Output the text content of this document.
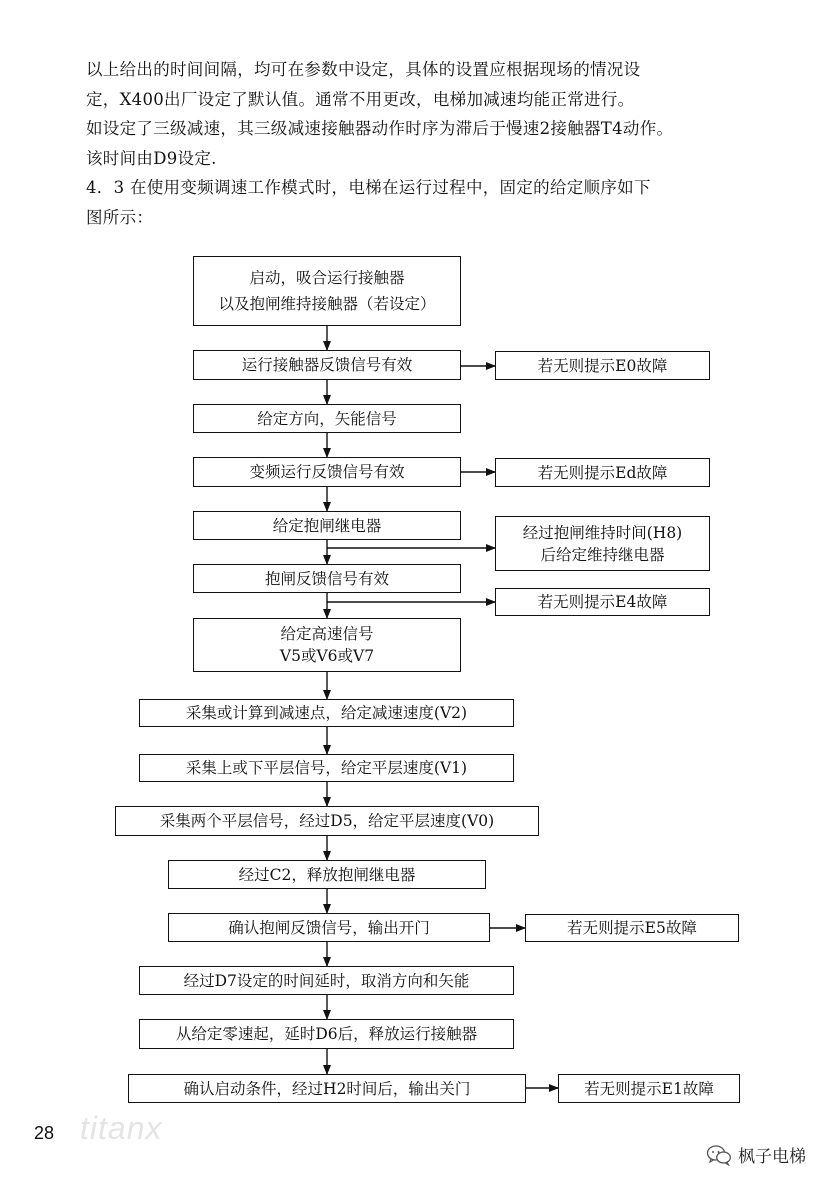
以上给出的时间间隔，均可在参数中设定，具体的设置应根据现场的情况设

定，X400出厂设定了默认值。通常不用更改，电梯加减速均能正常进行。

如设定了三级减速，其三级减速接触器动作时序为滞后于慢速2接触器T4动作。

该时间由D9设定.

4．3 在使用变频调速工作模式时，电梯在运行过程中，固定的给定顺序如下

图所示：

启动，吸合运行接触器
以及抱闸维持接触器（若设定）
运行接触器反馈信号有效
给定方向，矢能信号
变频运行反馈信号有效
给定抱闸继电器
抱闸反馈信号有效
给定高速信号
V5或V6或V7
采集或计算到减速点，给定减速速度(V2)
采集上或下平层信号，给定平层速度(V1)
采集两个平层信号，经过D5，给定平层速度(V0)
经过C2，释放抱闸继电器
确认抱闸反馈信号，输出开门
经过D7设定的时间延时，取消方向和矢能
从给定零速起，延时D6后，释放运行接触器
确认启动条件，经过H2时间后，输出关门
若无则提示E0故障
若无则提示Ed故障
经过抱闸维持时间(H8)
后给定维持继电器
若无则提示E4故障
若无则提示E5故障
若无则提示E1故障
28 titanx
枫子电梯
